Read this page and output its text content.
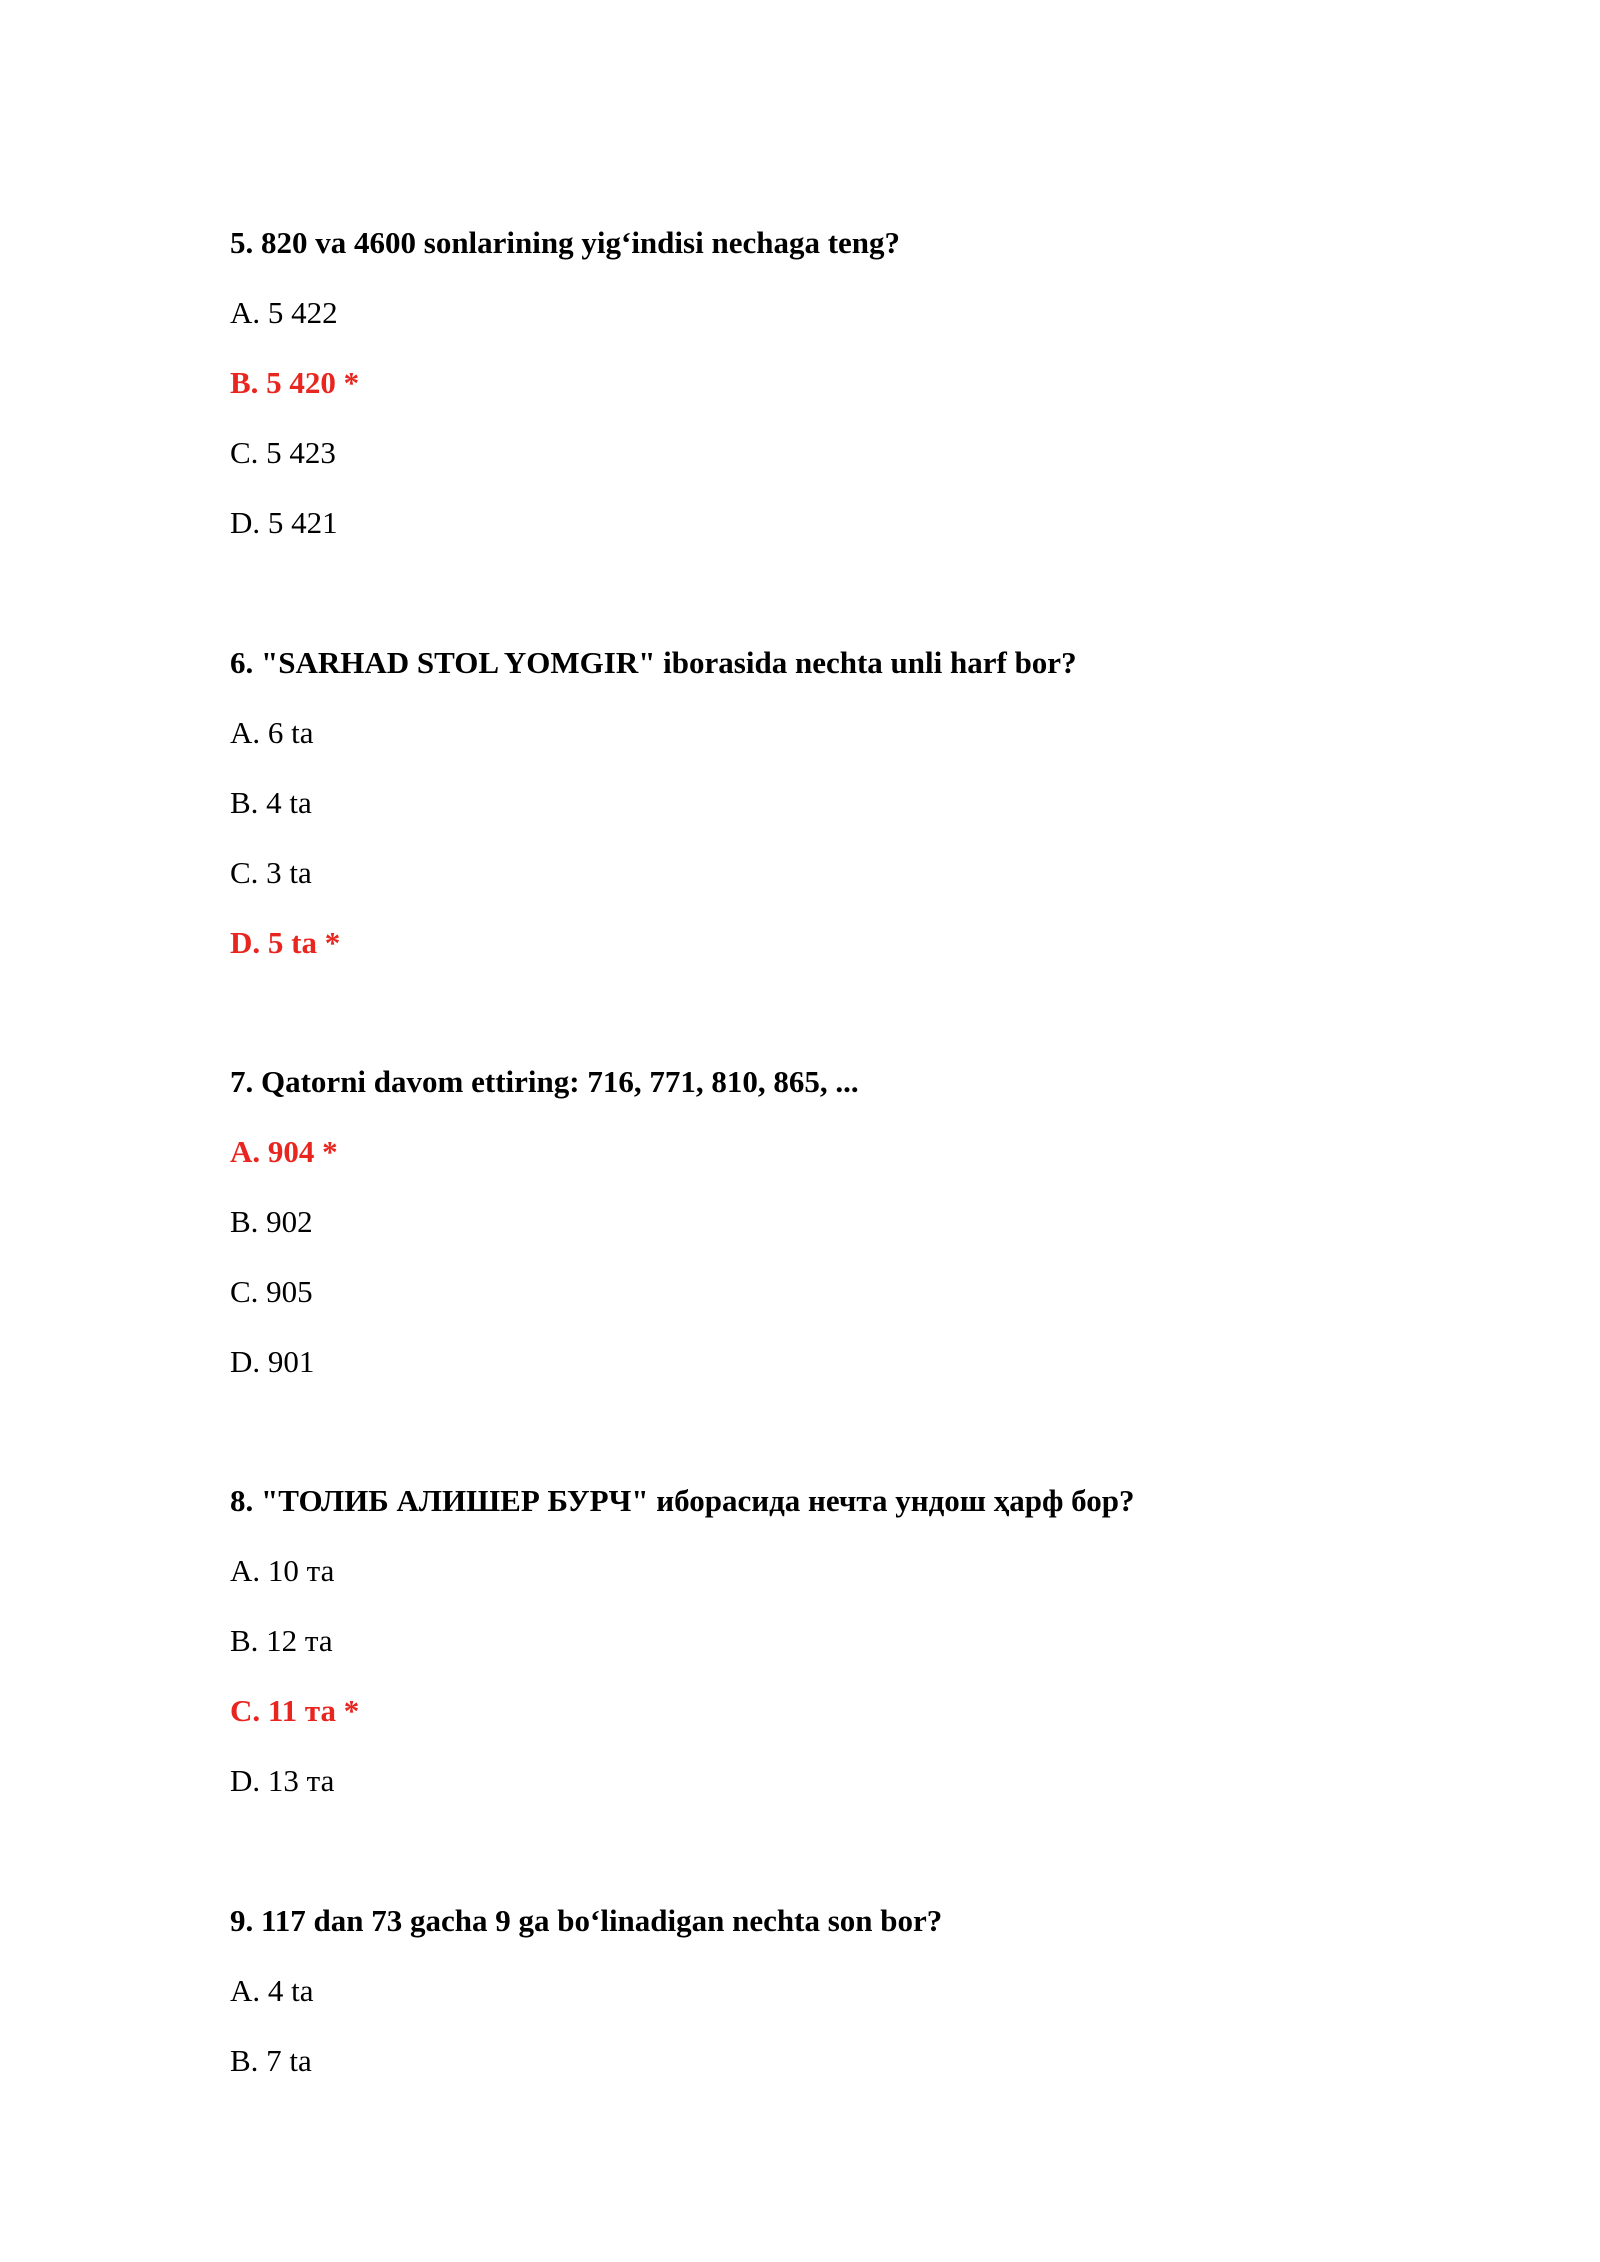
5. 820 va 4600 sonlarining yig‘indisi nechaga teng?
A. 5 422
B. 5 420 *
C. 5 423
D. 5 421
6. "SARHAD STOL YOMGIR" iborasida nechta unli harf bor?
A. 6 ta
B. 4 ta
C. 3 ta
D. 5 ta *
7. Qatorni davom ettiring: 716, 771, 810, 865, ...
A. 904 *
B. 902
C. 905
D. 901
8. "ТОЛИБ АЛИШЕР БУРЧ" иборасида нечта ундош ҳарф бор?
A. 10 та
B. 12 та
C. 11 та *
D. 13 та
9. 117 dan 73 gacha 9 ga bo‘linadigan nechta son bor?
A. 4 ta
B. 7 ta
